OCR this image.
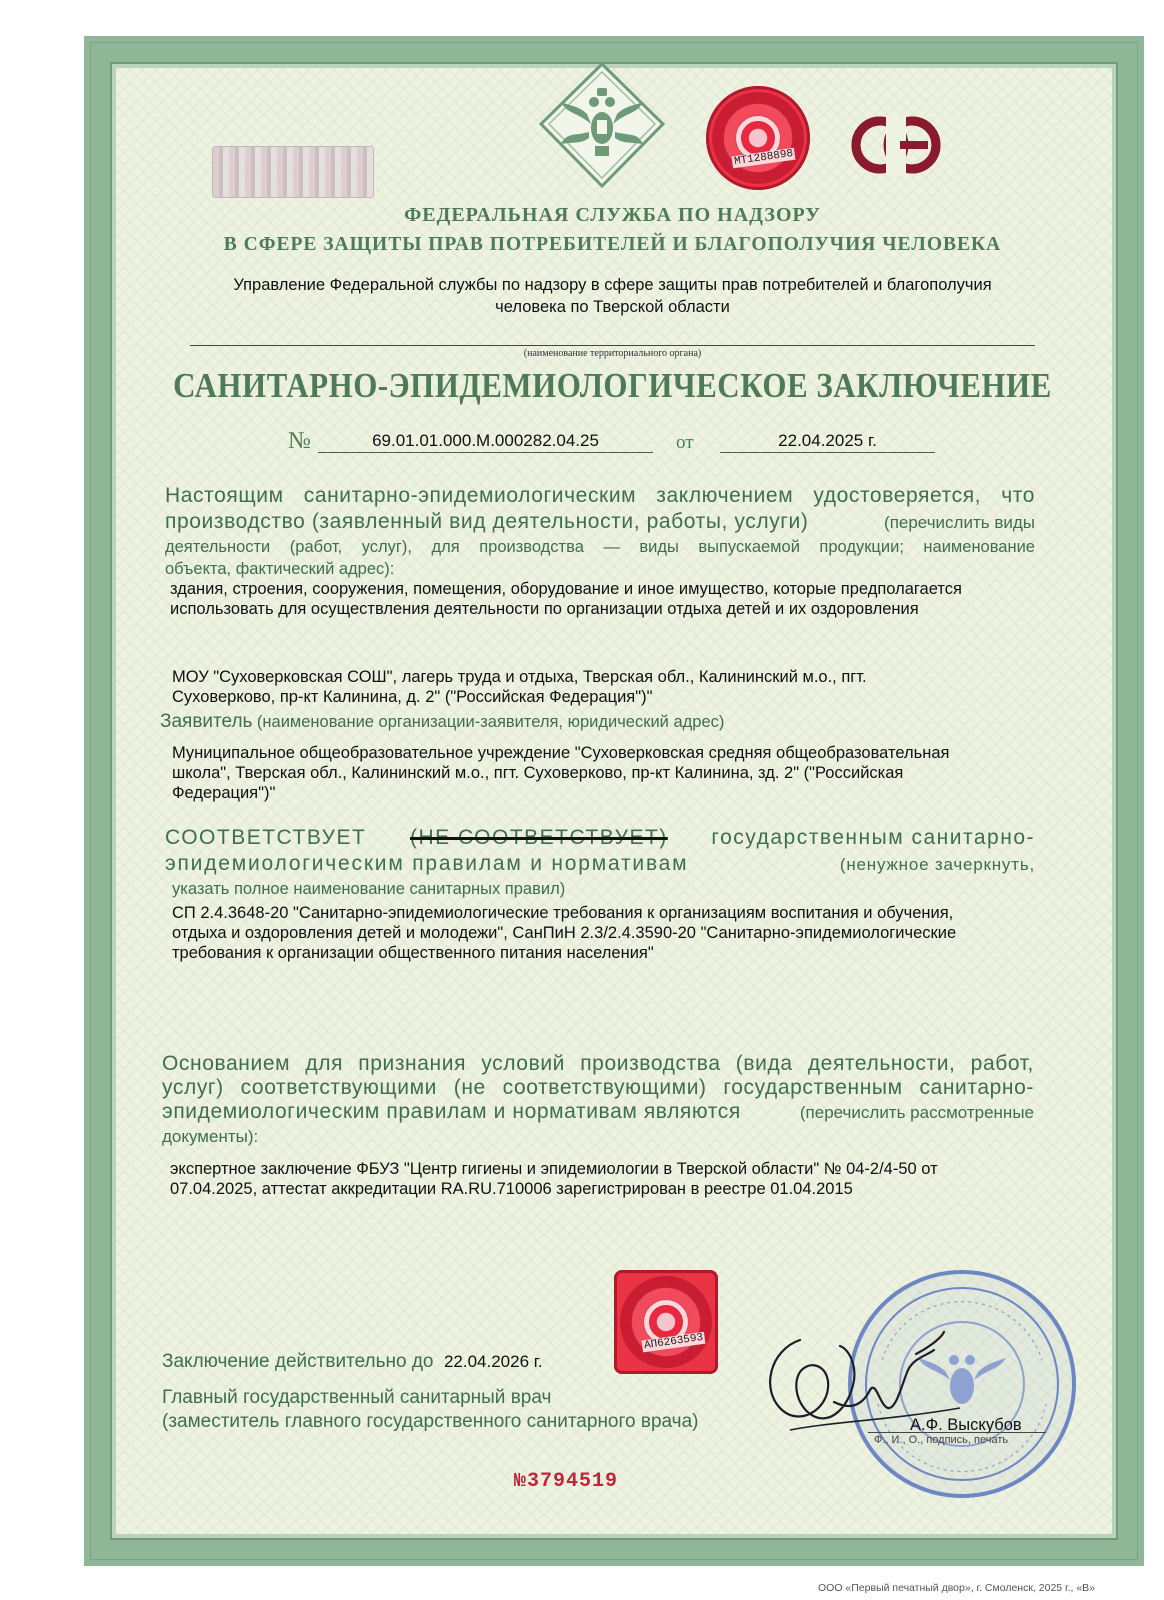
МТ1288898
ФЕДЕРАЛЬНАЯ СЛУЖБА ПО НАДЗОРУ
В СФЕРЕ ЗАЩИТЫ ПРАВ ПОТРЕБИТЕЛЕЙ И БЛАГОПОЛУЧИЯ ЧЕЛОВЕКА
Управление Федеральной службы по надзору в сфере защиты прав потребителей и благополучия
человека по Тверской области
(наименование территориального органа)
САНИТАРНО-ЭПИДЕМИОЛОГИЧЕСКОЕ ЗАКЛЮЧЕНИЕ
№	69.01.01.000.М.000282.04.25	от	22.04.2025 г.
Настоящим санитарно-эпидемиологическим заключением удостоверяется, что
производство (заявленный вид деятельности, работы, услуги)	(перечислить виды
деятельности (работ, услуг), для производства — виды выпускаемой продукции; наименование
объекта, фактический адрес):
здания, строения, сооружения, помещения, оборудование и иное имущество, которые предполагается
использовать для осуществления деятельности по организации отдыха детей и их оздоровления
МОУ "Суховерковская СОШ", лагерь труда и отдыха, Тверская обл., Калининский м.о., пгт.
Суховерково, пр-кт Калинина, д. 2" ("Российская Федерация")"
Заявитель (наименование организации-заявителя, юридический адрес)
Муниципальное общеобразовательное учреждение "Суховерковская средняя общеобразовательная
школа", Тверская обл., Калининский м.о., пгт. Суховерково, пр-кт Калинина, зд. 2" ("Российская
Федерация")"
СООТВЕТСТВУЕТ (НЕ СООТВЕТСТВУЕТ) государственным санитарно-
эпидемиологическим правилам и нормативам	(ненужное зачеркнуть,
указать полное наименование санитарных правил)
СП 2.4.3648-20 "Санитарно-эпидемиологические требования к организациям воспитания и обучения,
отдыха и оздоровления детей и молодежи", СанПиН 2.3/2.4.3590-20 "Санитарно-эпидемиологические
требования к организации общественного питания населения"
Основанием для признания условий производства (вида деятельности, работ,
услуг) соответствующими (не соответствующими) государственным санитарно-
эпидемиологическим правилам и нормативам являются	(перечислить рассмотренные
документы):
экспертное заключение ФБУЗ "Центр гигиены и эпидемиологии в Тверской области" № 04-2/4-50 от
07.04.2025, аттестат аккредитации RA.RU.710006 зарегистрирован в реестре 01.04.2015
АП6263593
Заключение действительно до 22.04.2026 г.
Главный государственный санитарный врач
(заместитель главного государственного санитарного врача)	А.Ф. Выскубов
Ф., И., О., подпись, печать
№3794519
ООО «Первый печатный двор», г. Смоленск, 2025 г., «В»
